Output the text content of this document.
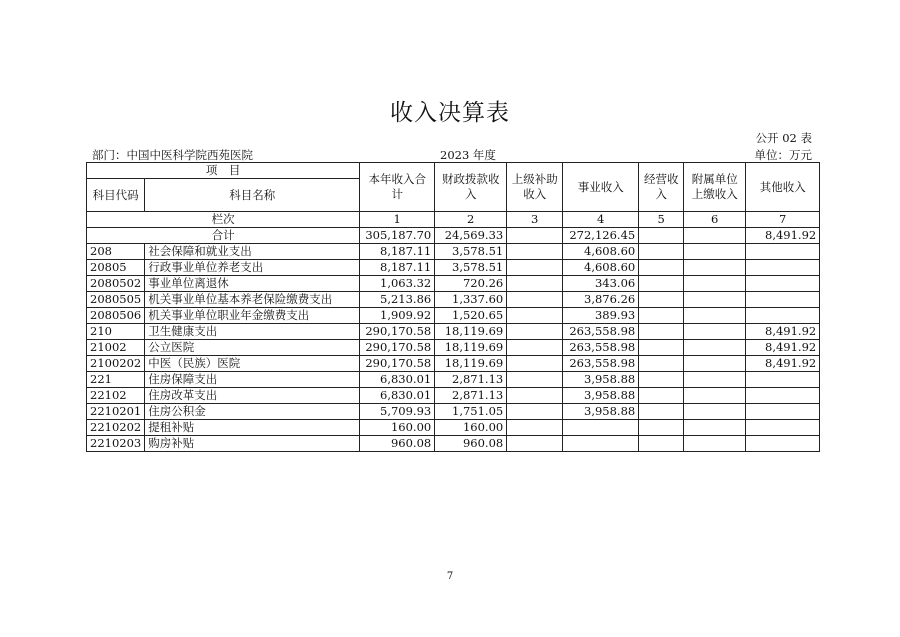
收入决算表
公开 02 表
部门：中国中医科学院西苑医院	2023 年度	单位：万元
项　目		本年收入合计	财政拨款收入	上级补助收入	事业收入	经营收入	附属单位上缴收入	其他收入
科目代码	科目名称							
栏次		1	2	3	4	5	6	7
合计		305,187.70	24,569.33		272,126.45			8,491.92
208	社会保障和就业支出	8,187.11	3,578.51		4,608.60			
20805	行政事业单位养老支出	8,187.11	3,578.51		4,608.60			
2080502	事业单位离退休	1,063.32	720.26		343.06			
2080505	机关事业单位基本养老保险缴费支出	5,213.86	1,337.60		3,876.26			
2080506	机关事业单位职业年金缴费支出	1,909.92	1,520.65		389.93			
210	卫生健康支出	290,170.58	18,119.69		263,558.98			8,491.92
21002	公立医院	290,170.58	18,119.69		263,558.98			8,491.92
2100202	中医（民族）医院	290,170.58	18,119.69		263,558.98			8,491.92
221	住房保障支出	6,830.01	2,871.13		3,958.88			
22102	住房改革支出	6,830.01	2,871.13		3,958.88			
2210201	住房公积金	5,709.93	1,751.05		3,958.88			
2210202	提租补贴	160.00	160.00					
2210203	购房补贴	960.08	960.08					
7
